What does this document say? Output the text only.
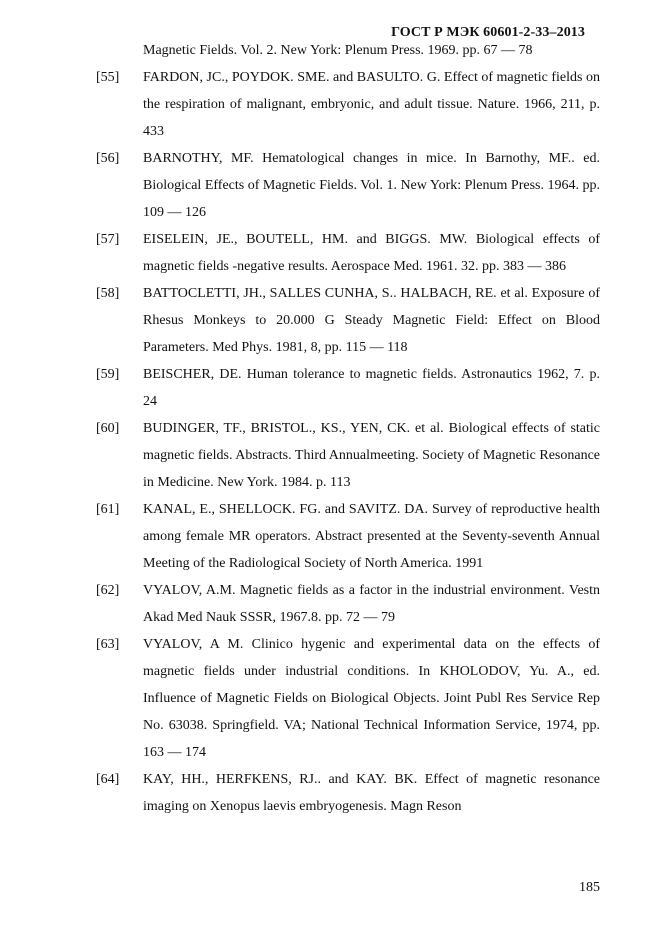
ГОСТ Р МЭК 60601-2-33–2013
Magnetic Fields. Vol. 2. New York: Plenum Press. 1969. pp. 67 — 78
[55] FARDON, JC., POYDOK. SME. and BASULTO. G. Effect of magnetic fields on the respiration of malignant, embryonic, and adult tissue. Nature. 1966, 211, p. 433
[56] BARNOTHY, MF. Hematological changes in mice. In Barnothy, MF.. ed. Biological Effects of Magnetic Fields. Vol. 1. New York: Plenum Press. 1964. pp. 109 — 126
[57] EISELEIN, JE., BOUTELL, HM. and BIGGS. MW. Biological effects of magnetic fields -negative results. Aerospace Med. 1961. 32. pp. 383 — 386
[58] BATTOCLETTI, JH., SALLES CUNHA, S.. HALBACH, RE. et al. Exposure of Rhesus Monkeys to 20.000 G Steady Magnetic Field: Effect on Blood Parameters. Med Phys. 1981, 8, pp. 115 — 118
[59] BEISCHER, DE. Human tolerance to magnetic fields. Astronautics 1962, 7. p. 24
[60] BUDINGER, TF., BRISTOL., KS., YEN, CK. et al. Biological effects of static magnetic fields. Abstracts. Third Annualmeeting. Society of Magnetic Resonance in Medicine. New York. 1984. p. 113
[61] KANAL, E., SHELLOCK. FG. and SAVITZ. DA. Survey of reproductive health among female MR operators. Abstract presented at the Seventy-seventh Annual Meeting of the Radiological Society of North America. 1991
[62] VYALOV, A.M. Magnetic fields as a factor in the industrial environment. Vestn Akad Med Nauk SSSR, 1967.8. pp. 72 — 79
[63] VYALOV, A M. Clinico hygenic and experimental data on the effects of magnetic fields under industrial conditions. In KHOLODOV, Yu. A., ed. Influence of Magnetic Fields on Biological Objects. Joint Publ Res Service Rep No. 63038. Springfield. VA; National Technical Information Service, 1974, pp. 163 — 174
[64] KAY, HH., HERFKENS, RJ.. and KAY. BK. Effect of magnetic resonance imaging on Xenopus laevis embryogenesis. Magn Reson
185
